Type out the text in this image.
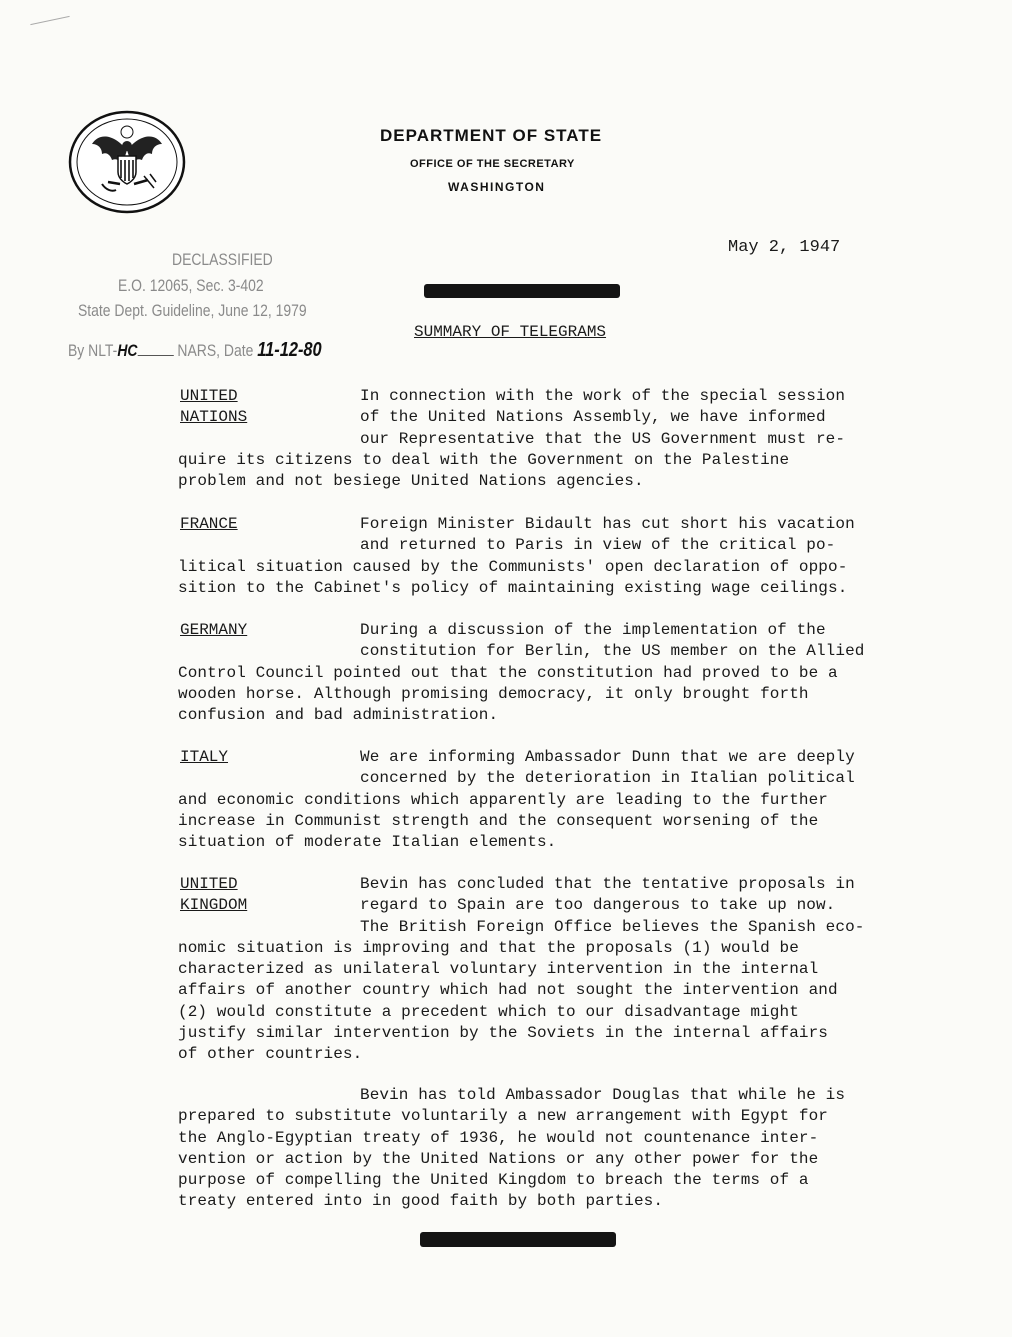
DEPARTMENT OF STATE
OFFICE OF THE SECRETARY
WASHINGTON
May 2, 1947
DECLASSIFIED
E.O. 12065, Sec. 3-402
State Dept. Guideline, June 12, 1979
By NLT-HC NARS, Date 11-12-80
SUMMARY OF TELEGRAMS
UNITED
NATIONS
In connection with the work of the special session
of the United Nations Assembly, we have informed
our Representative that the US Government must re-
quire its citizens to deal with the Government on the Palestine
problem and not besiege United Nations agencies.
FRANCE	Foreign Minister Bidault has cut short his vacation
and returned to Paris in view of the critical po-
litical situation caused by the Communists' open declaration of oppo-
sition to the Cabinet's policy of maintaining existing wage ceilings.
GERMANY	During a discussion of the implementation of the
constitution for Berlin, the US member on the Allied
Control Council pointed out that the constitution had proved to be a
wooden horse. Although promising democracy, it only brought forth
confusion and bad administration.
ITALY	We are informing Ambassador Dunn that we are deeply
concerned by the deterioration in Italian political
and economic conditions which apparently are leading to the further
increase in Communist strength and the consequent worsening of the
situation of moderate Italian elements.
UNITED
KINGDOM
Bevin has concluded that the tentative proposals in
regard to Spain are too dangerous to take up now.
The British Foreign Office believes the Spanish eco-
nomic situation is improving and that the proposals (1) would be
characterized as unilateral voluntary intervention in the internal
affairs of another country which had not sought the intervention and
(2) would constitute a precedent which to our disadvantage might
justify similar intervention by the Soviets in the internal affairs
of other countries.
Bevin has told Ambassador Douglas that while he is
prepared to substitute voluntarily a new arrangement with Egypt for
the Anglo-Egyptian treaty of 1936, he would not countenance inter-
vention or action by the United Nations or any other power for the
purpose of compelling the United Kingdom to breach the terms of a
treaty entered into in good faith by both parties.
